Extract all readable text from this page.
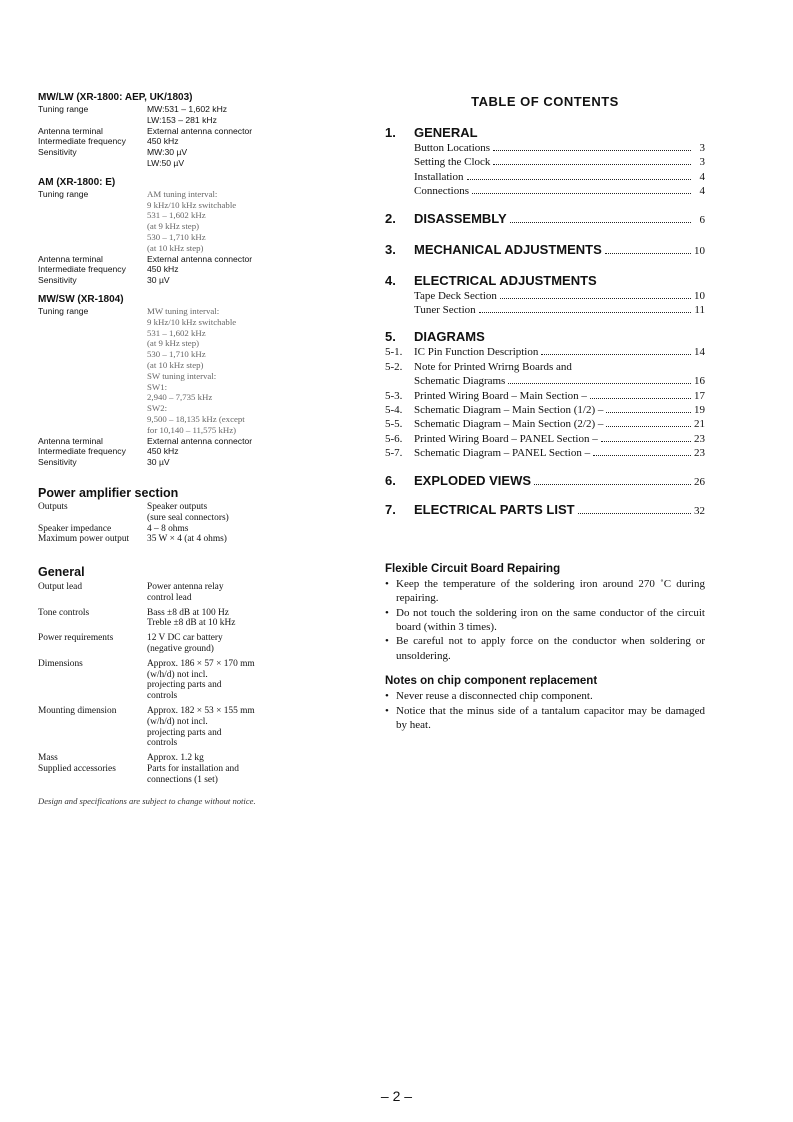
MW/LW (XR-1800: AEP, UK/1803)

Tuning range	MW:531 – 1,602 kHz
LW:153 – 281 kHz
Antenna terminal	External antenna connector
Intermediate frequency	450 kHz
Sensitivity	MW:30 µV
LW:50 µV

AM (XR-1800: E)

Tuning range	AM tuning interval:
9 kHz/10 kHz switchable
531 – 1,602 kHz
(at 9 kHz step)
530 – 1,710 kHz
(at 10 kHz step)
Antenna terminal	External antenna connector
Intermediate frequency	450 kHz
Sensitivity	30 µV

MW/SW (XR-1804)

Tuning range	MW tuning interval:
9 kHz/10 kHz switchable
531 – 1,602 kHz
(at 9 kHz step)
530 – 1,710 kHz
(at 10 kHz step)
SW tuning interval:
SW1:
2,940 – 7,735 kHz
SW2:
9,500 – 18,135 kHz (except
for 10,140 – 11,575 kHz)
Antenna terminal	External antenna connector
Intermediate frequency	450 kHz
Sensitivity	30 µV

Power amplifier section

Outputs	Speaker outputs
(sure seal connectors)
Speaker impedance	4 – 8 ohms
Maximum power output	35 W × 4 (at 4 ohms)

General

Output lead	Power antenna relay
control lead
Tone controls	Bass ±8 dB at 100 Hz
Treble ±8 dB at 10 kHz
Power requirements	12 V DC car battery
(negative ground)
Dimensions	Approx. 186 × 57 × 170 mm
(w/h/d) not incl.
projecting parts and
controls
Mounting dimension	Approx. 182 × 53 × 155 mm
(w/h/d) not incl.
projecting parts and
controls
Mass	Approx. 1.2 kg
Supplied accessories	Parts for installation and
connections (1 set)
Design and specifications are subject to change without notice.
TABLE OF CONTENTS
1.	GENERAL
Button Locations	3
Setting the Clock	3
Installation	4
Connections	4
2.	DISASSEMBLY	6
3.	MECHANICAL ADJUSTMENTS	10
4.	ELECTRICAL ADJUSTMENTS
Tape Deck Section	10
Tuner Section	11
5.	DIAGRAMS
5-1.	IC Pin Function Description	14
5-2.	Note for Printed Wrirng Boards and
Schematic Diagrams	16
5-3.	Printed Wiring Board – Main Section –	17
5-4.	Schematic Diagram – Main Section (1/2) –	19
5-5.	Schematic Diagram – Main Section (2/2) –	21
5-6.	Printed Wiring Board – PANEL Section –	23
5-7.	Schematic Diagram – PANEL Section –	23
6.	EXPLODED VIEWS	26
7.	ELECTRICAL PARTS LIST	32

Flexible Circuit Board Repairing

• Keep the temperature of the soldering iron around 270 ˚C during repairing.
• Do not touch the soldering iron on the same conductor of the circuit board (within 3 times).
• Be careful not to apply force on the conductor when soldering or unsoldering.

Notes on chip component replacement

• Never reuse a disconnected chip component.
• Notice that the minus side of a tantalum capacitor may be damaged by heat.
– 2 –
